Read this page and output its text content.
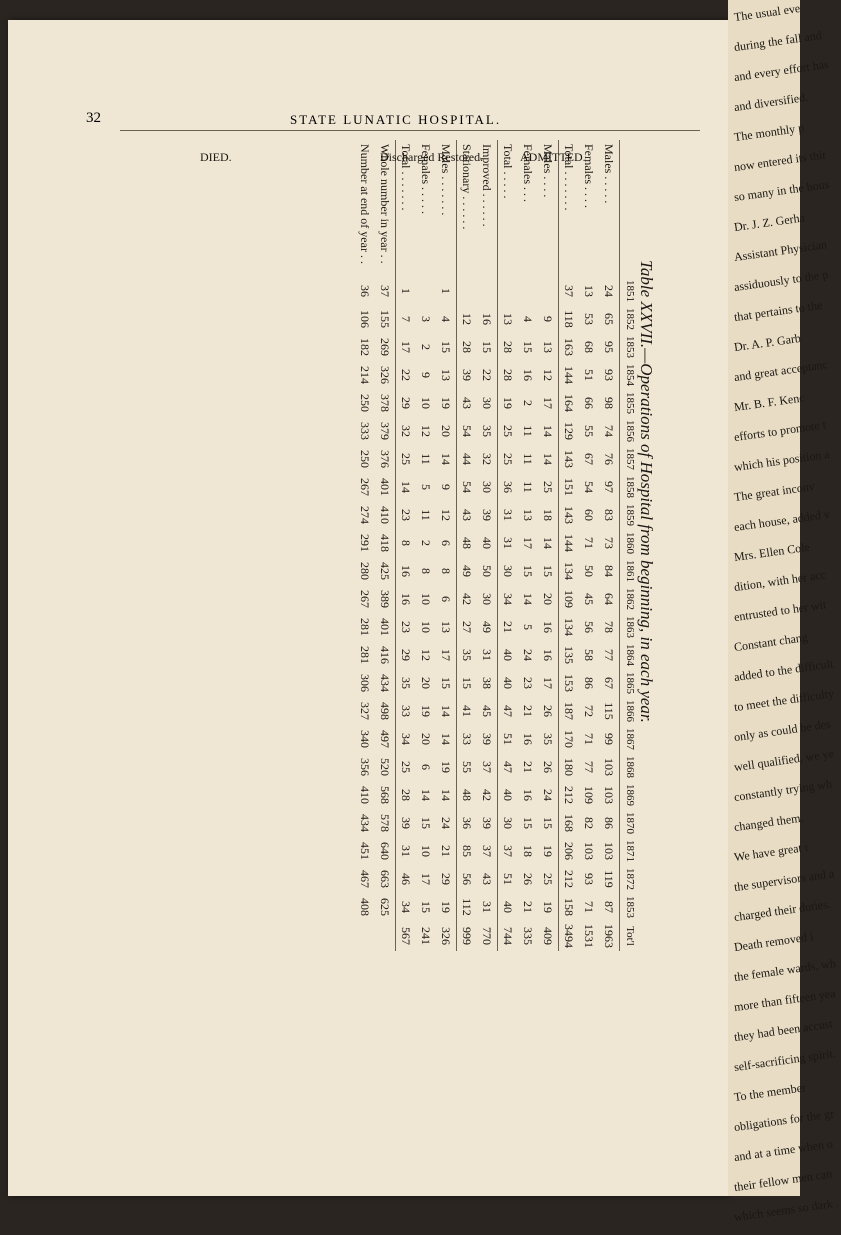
32	STATE LUNATIC HOSPITAL.
	1851	1852	1853	1854	1855	1856	1857	1858	1859	1860	1861	1862	1863	1864	1865	1866	1867	1868	1869	1870	1871	1872	1853	Tot'l
Males . . . . .	24	65	95	93	98	74	76	97	83	73	84	64	78	77	67	115	99	103	103	86	103	119	87	1963
Females . . . .	13	53	68	51	66	55	67	54	60	71	50	45	56	58	86	72	71	77	109	82	103	93	71	1531
Total . . . . . . .	37	118	163	144	164	129	143	151	143	144	134	109	134	135	153	187	170	180	212	168	206	212	158	3494
Males . . . .		9	13	12	17	14	14	25	18	14	15	20	16	16	17	26	35	26	24	15	19	25	19	409
Females . . .		4	15	16	2	11	11	11	13	17	15	14	5	24	23	21	16	21	16	15	18	26	21	335
Total . . . . .		13	28	28	19	25	25	36	31	31	30	34	21	40	40	47	51	47	40	30	37	51	40	744
Improved . . . . . .		16	15	22	30	35	32	30	39	40	50	30	49	31	38	45	39	37	42	39	37	43	31	770
Stationary . . . . . .		12	28	39	43	54	44	54	43	48	49	42	27	35	15	41	33	55	48	36	85	56	112	999
Males . . . . . . .	1	4	15	13	19	20	14	9	12	6	8	6	13	17	15	14	14	19	14	24	21	29	19	326
Females . . . . .		3	2	9	10	12	11	5	11	2	8	10	10	12	20	19	20	6	14	15	10	17	15	241
Total . . . . . . .	1	7	17	22	29	32	25	14	23	8	16	16	23	29	35	33	34	25	28	39	31	46	34	567
Whole number in year . .	37	155	269	326	378	379	376	401	410	418	425	389	401	416	434	498	497	520	568	578	640	663	625	
Number at end of year . .	36	106	182	214	250	333	250	267	274	291	280	267	281	281	306	327	340	356	410	434	451	467	408	
Table XXVII.—Operations of Hospital from beginning, in each year.
The usual eve
during the fall and
and every effort has
and diversified.
The monthly p
now entered its thir
so many in the hous
Dr. J. Z. Gerha
Assistant Physician
assiduously to the p
that pertains to the
Dr. A. P. Garb
and great acceptanc
Mr. B. F. Kenc
efforts to promote t
which his position a
The great inconv
each house, added v
Mrs. Ellen Cole
dition, with her acc
entrusted to her wit
Constant chang
added to the difficult
to meet the difficulty
only as could be des
well qualified, we ye
constantly trying wh
changed them.
We have great r
the supervisors and a
charged their duties.
Death removed i
the female wards, wh
more than fifteen yea
they had been accust
self-sacrificing spirit.
To the member
obligations for the gr
and at a time when o
their fellow men can
which seems so dark .
ADMITTED.
Discharged Restored.
DIED.
